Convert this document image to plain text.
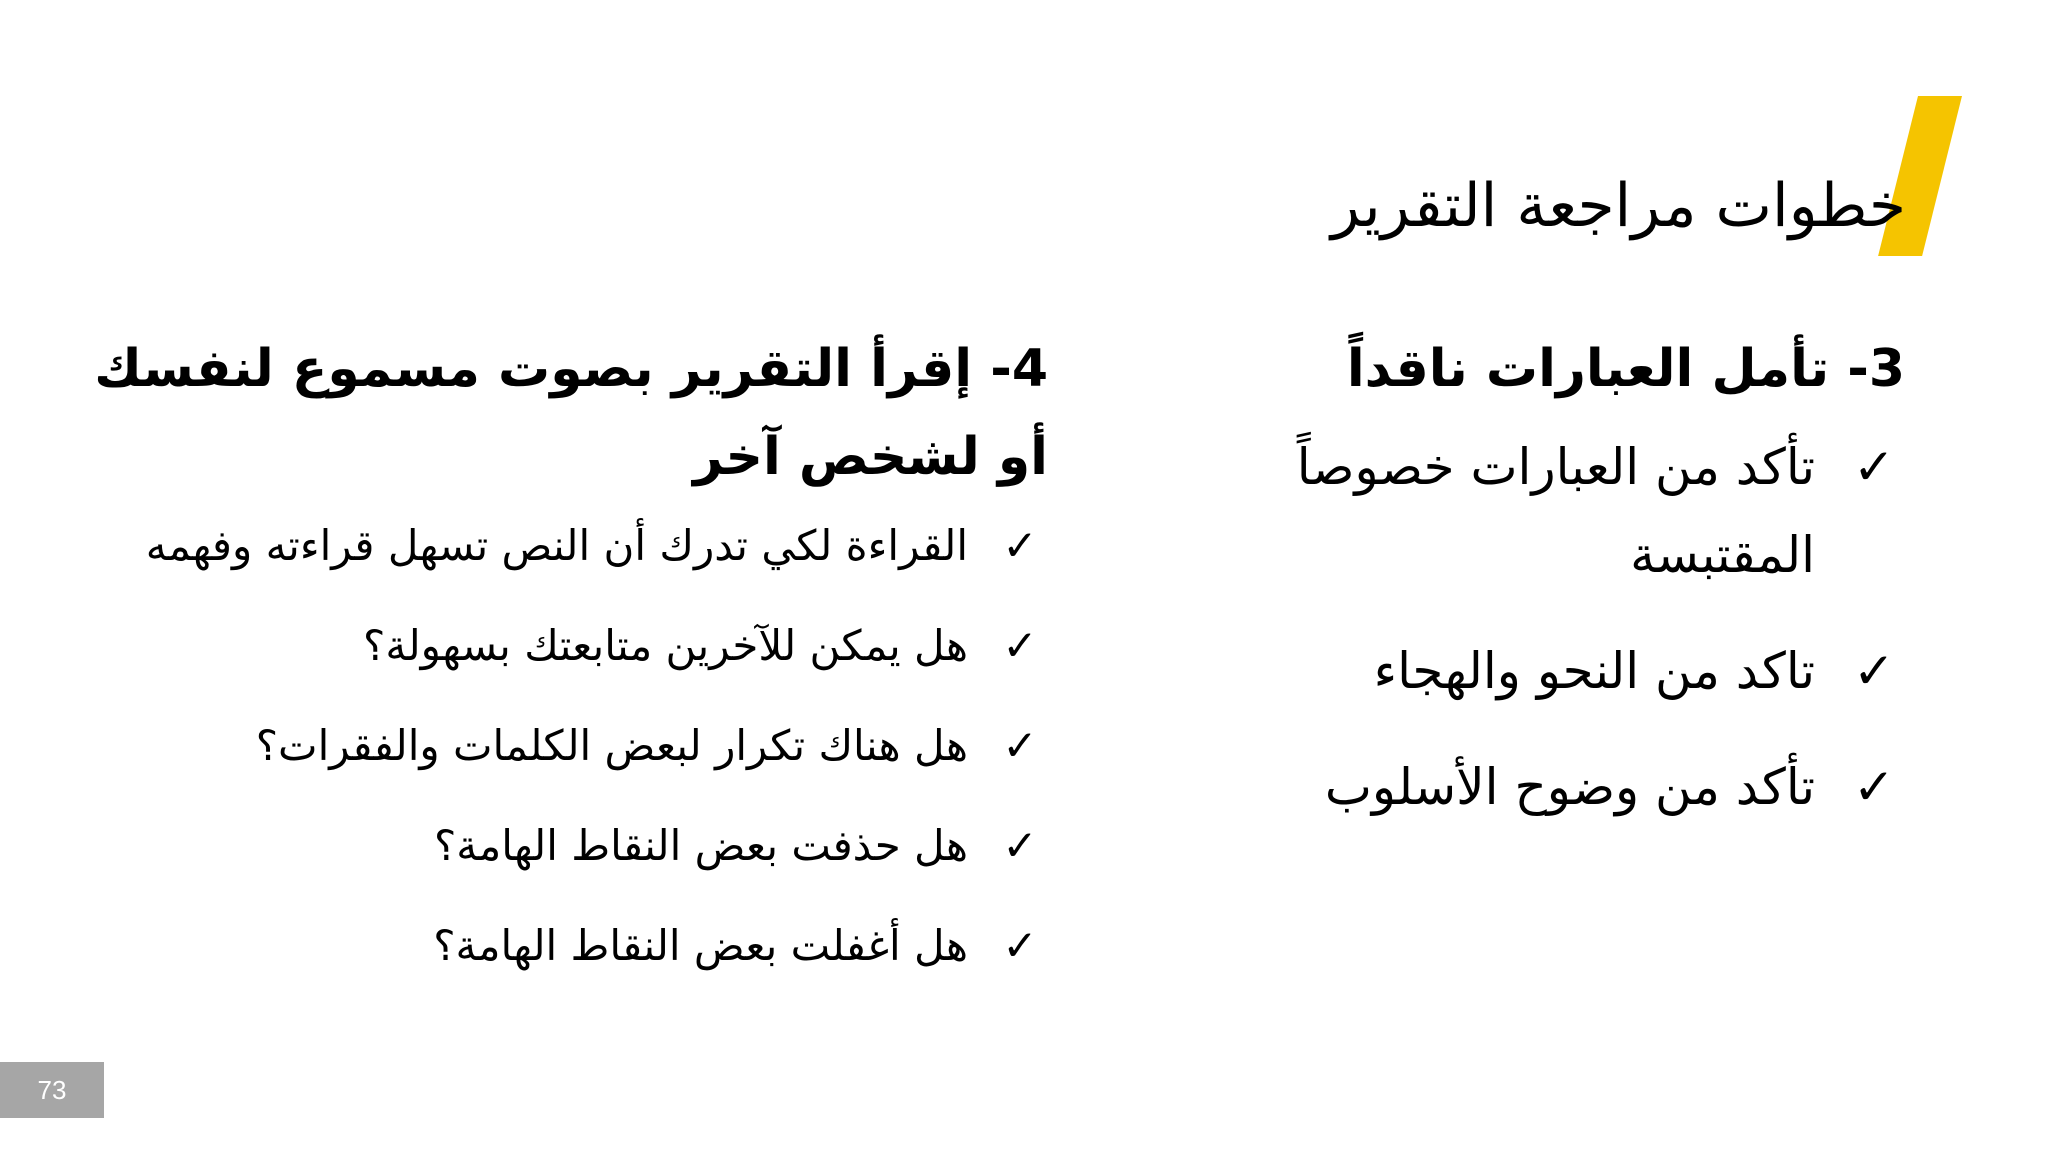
خطوات مراجعة التقرير
3- تأمل العبارات ناقداً
✓
تأكد من العبارات خصوصاً المقتبسة
✓
تاكد من النحو والهجاء
✓
تأكد من وضوح الأسلوب
4- إقرأ التقرير بصوت مسموع لنفسك أو لشخص آخر
✓
القراءة لكي تدرك أن النص تسهل قراءته وفهمه
✓
هل يمكن للآخرين متابعتك بسهولة؟
✓
هل هناك تكرار لبعض الكلمات والفقرات؟
✓
هل حذفت بعض النقاط الهامة؟
✓
هل أغفلت بعض النقاط الهامة؟
73
